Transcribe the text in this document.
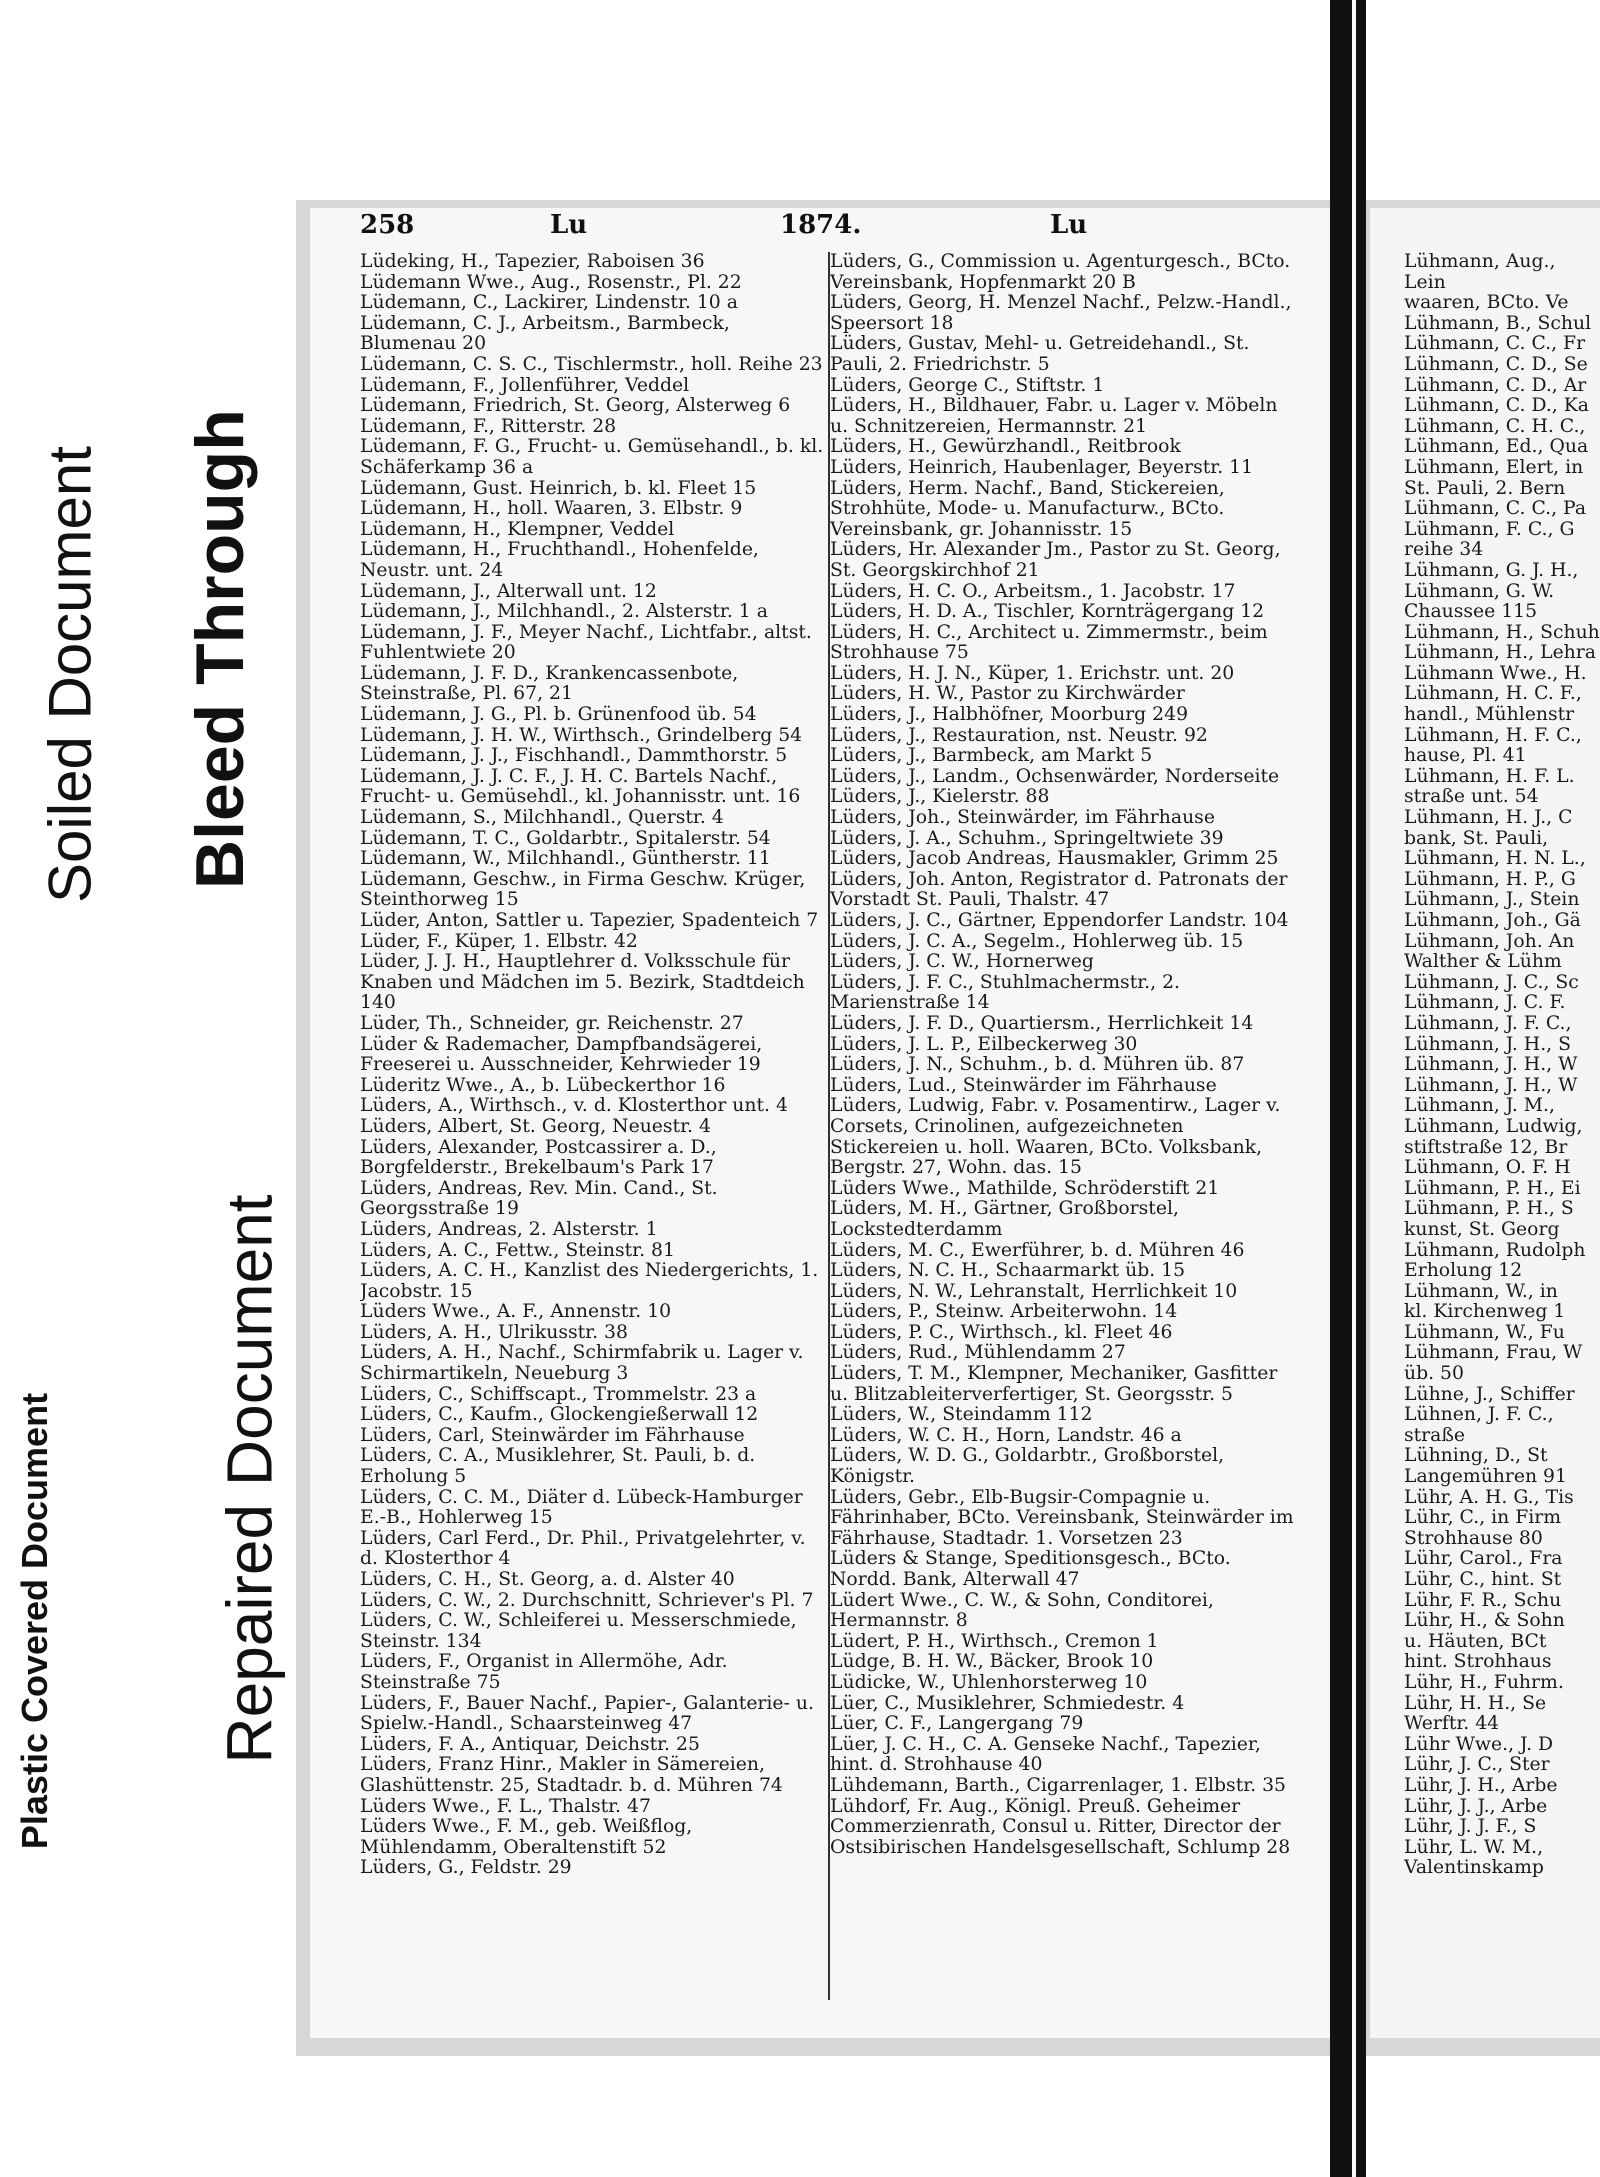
Soiled Document Bleed Through
Plastic Covered Document Repaired Document
258	Lu	1874.	Lu

Lüdeking, H., Tapezier, Raboisen 36

Lüdemann Wwe., Aug., Rosenstr., Pl. 22

Lüdemann, C., Lackirer, Lindenstr. 10 a

Lüdemann, C. J., Arbeitsm., Barmbeck, Blumenau 20

Lüdemann, C. S. C., Tischlermstr., holl. Reihe 23

Lüdemann, F., Jollenführer, Veddel

Lüdemann, Friedrich, St. Georg, Alsterweg 6

Lüdemann, F., Ritterstr. 28

Lüdemann, F. G., Frucht- u. Gemüsehandl., b. kl. Schäferkamp 36 a

Lüdemann, Gust. Heinrich, b. kl. Fleet 15

Lüdemann, H., holl. Waaren, 3. Elbstr. 9

Lüdemann, H., Klempner, Veddel

Lüdemann, H., Fruchthandl., Hohenfelde, Neustr. unt. 24

Lüdemann, J., Alterwall unt. 12

Lüdemann, J., Milchhandl., 2. Alsterstr. 1 a

Lüdemann, J. F., Meyer Nachf., Lichtfabr., altst. Fuhlentwiete 20

Lüdemann, J. F. D., Krankencassenbote, Steinstraße, Pl. 67, 21

Lüdemann, J. G., Pl. b. Grünenfood üb. 54

Lüdemann, J. H. W., Wirthsch., Grindelberg 54

Lüdemann, J. J., Fischhandl., Dammthorstr. 5

Lüdemann, J. J. C. F., J. H. C. Bartels Nachf., Frucht- u. Gemüsehdl., kl. Johannisstr. unt. 16

Lüdemann, S., Milchhandl., Querstr. 4

Lüdemann, T. C., Goldarbtr., Spitalerstr. 54

Lüdemann, W., Milchhandl., Güntherstr. 11

Lüdemann, Geschw., in Firma Geschw. Krüger, Steinthorweg 15

Lüder, Anton, Sattler u. Tapezier, Spadenteich 7

Lüder, F., Küper, 1. Elbstr. 42

Lüder, J. J. H., Hauptlehrer d. Volksschule für Knaben und Mädchen im 5. Bezirk, Stadtdeich 140

Lüder, Th., Schneider, gr. Reichenstr. 27

Lüder & Rademacher, Dampfbandsägerei, Freeserei u. Ausschneider, Kehrwieder 19

Lüderitz Wwe., A., b. Lübeckerthor 16

Lüders, A., Wirthsch., v. d. Klosterthor unt. 4

Lüders, Albert, St. Georg, Neuestr. 4

Lüders, Alexander, Postcassirer a. D., Borgfelderstr., Brekelbaum's Park 17

Lüders, Andreas, Rev. Min. Cand., St. Georgsstraße 19

Lüders, Andreas, 2. Alsterstr. 1

Lüders, A. C., Fettw., Steinstr. 81

Lüders, A. C. H., Kanzlist des Niedergerichts, 1. Jacobstr. 15

Lüders Wwe., A. F., Annenstr. 10

Lüders, A. H., Ulrikusstr. 38

Lüders, A. H., Nachf., Schirmfabrik u. Lager v. Schirmartikeln, Neueburg 3

Lüders, C., Schiffscapt., Trommelstr. 23 a

Lüders, C., Kaufm., Glockengießerwall 12

Lüders, Carl, Steinwärder im Fährhause

Lüders, C. A., Musiklehrer, St. Pauli, b. d. Erholung 5

Lüders, C. C. M., Diäter d. Lübeck-Hamburger E.-B., Hohlerweg 15

Lüders, Carl Ferd., Dr. Phil., Privatgelehrter, v. d. Klosterthor 4

Lüders, C. H., St. Georg, a. d. Alster 40

Lüders, C. W., 2. Durchschnitt, Schriever's Pl. 7

Lüders, C. W., Schleiferei u. Messerschmiede, Steinstr. 134

Lüders, F., Organist in Allermöhe, Adr. Steinstraße 75

Lüders, F., Bauer Nachf., Papier-, Galanterie- u. Spielw.-Handl., Schaarsteinweg 47

Lüders, F. A., Antiquar, Deichstr. 25

Lüders, Franz Hinr., Makler in Sämereien, Glashüttenstr. 25, Stadtadr. b. d. Mühren 74

Lüders Wwe., F. L., Thalstr. 47

Lüders Wwe., F. M., geb. Weißflog, Mühlendamm, Oberaltenstift 52

Lüders, G., Feldstr. 29

Lüders, G., Commission u. Agenturgesch., BCto. Vereinsbank, Hopfenmarkt 20 B

Lüders, Georg, H. Menzel Nachf., Pelzw.-Handl., Speersort 18

Lüders, Gustav, Mehl- u. Getreidehandl., St. Pauli, 2. Friedrichstr. 5

Lüders, George C., Stiftstr. 1

Lüders, H., Bildhauer, Fabr. u. Lager v. Möbeln u. Schnitzereien, Hermannstr. 21

Lüders, H., Gewürzhandl., Reitbrook

Lüders, Heinrich, Haubenlager, Beyerstr. 11

Lüders, Herm. Nachf., Band, Stickereien, Strohhüte, Mode- u. Manufacturw., BCto. Vereinsbank, gr. Johannisstr. 15

Lüders, Hr. Alexander Jm., Pastor zu St. Georg, St. Georgskirchhof 21

Lüders, H. C. O., Arbeitsm., 1. Jacobstr. 17

Lüders, H. D. A., Tischler, Kornträgergang 12

Lüders, H. C., Architect u. Zimmermstr., beim Strohhause 75

Lüders, H. J. N., Küper, 1. Erichstr. unt. 20

Lüders, H. W., Pastor zu Kirchwärder

Lüders, J., Halbhöfner, Moorburg 249

Lüders, J., Restauration, nst. Neustr. 92

Lüders, J., Barmbeck, am Markt 5

Lüders, J., Landm., Ochsenwärder, Norderseite

Lüders, J., Kielerstr. 88

Lüders, Joh., Steinwärder, im Fährhause

Lüders, J. A., Schuhm., Springeltwiete 39

Lüders, Jacob Andreas, Hausmakler, Grimm 25

Lüders, Joh. Anton, Registrator d. Patronats der Vorstadt St. Pauli, Thalstr. 47

Lüders, J. C., Gärtner, Eppendorfer Landstr. 104

Lüders, J. C. A., Segelm., Hohlerweg üb. 15

Lüders, J. C. W., Hornerweg

Lüders, J. F. C., Stuhlmachermstr., 2. Marienstraße 14

Lüders, J. F. D., Quartiersm., Herrlichkeit 14

Lüders, J. L. P., Eilbeckerweg 30

Lüders, J. N., Schuhm., b. d. Mühren üb. 87

Lüders, Lud., Steinwärder im Fährhause

Lüders, Ludwig, Fabr. v. Posamentirw., Lager v. Corsets, Crinolinen, aufgezeichneten Stickereien u. holl. Waaren, BCto. Volksbank, Bergstr. 27, Wohn. das. 15

Lüders Wwe., Mathilde, Schröderstift 21

Lüders, M. H., Gärtner, Großborstel, Lockstedterdamm

Lüders, M. C., Ewerführer, b. d. Mühren 46

Lüders, N. C. H., Schaarmarkt üb. 15

Lüders, N. W., Lehranstalt, Herrlichkeit 10

Lüders, P., Steinw. Arbeiterwohn. 14

Lüders, P. C., Wirthsch., kl. Fleet 46

Lüders, Rud., Mühlendamm 27

Lüders, T. M., Klempner, Mechaniker, Gasfitter u. Blitzableiterverfertiger, St. Georgsstr. 5

Lüders, W., Steindamm 112

Lüders, W. C. H., Horn, Landstr. 46 a

Lüders, W. D. G., Goldarbtr., Großborstel, Königstr.

Lüders, Gebr., Elb-Bugsir-Compagnie u. Fährinhaber, BCto. Vereinsbank, Steinwärder im Fährhause, Stadtadr. 1. Vorsetzen 23

Lüders & Stange, Speditionsgesch., BCto. Nordd. Bank, Alterwall 47

Lüdert Wwe., C. W., & Sohn, Conditorei, Hermannstr. 8

Lüdert, P. H., Wirthsch., Cremon 1

Lüdge, B. H. W., Bäcker, Brook 10

Lüdicke, W., Uhlenhorsterweg 10

Lüer, C., Musiklehrer, Schmiedestr. 4

Lüer, C. F., Langergang 79

Lüer, J. C. H., C. A. Genseke Nachf., Tapezier, hint. d. Strohhause 40

Lühdemann, Barth., Cigarrenlager, 1. Elbstr. 35

Lühdorf, Fr. Aug., Königl. Preuß. Geheimer Commerzienrath, Consul u. Ritter, Director der Ostsibirischen Handelsgesellschaft, Schlump 28

Lühmann, Aug., Lein

waaren, BCto. Ve

Lühmann, B., Schul

Lühmann, C. C., Fr

Lühmann, C. D., Se

Lühmann, C. D., Ar

Lühmann, C. D., Ka

Lühmann, C. H. C.,

Lühmann, Ed., Qua

Lühmann, Elert, in

St. Pauli, 2. Bern

Lühmann, C. C., Pa

Lühmann, F. C., G

reihe 34

Lühmann, G. J. H.,

Lühmann, G. W.

Chaussee 115

Lühmann, H., Schuh

Lühmann, H., Lehra

Lühmann Wwe., H.

Lühmann, H. C. F.,

handl., Mühlenstr

Lühmann, H. F. C.,

hause, Pl. 41

Lühmann, H. F. L.

straße unt. 54

Lühmann, H. J., C

bank, St. Pauli,

Lühmann, H. N. L.,

Lühmann, H. P., G

Lühmann, J., Stein

Lühmann, Joh., Gä

Lühmann, Joh. An

Walther & Lühm

Lühmann, J. C., Sc

Lühmann, J. C. F.

Lühmann, J. F. C.,

Lühmann, J. H., S

Lühmann, J. H., W

Lühmann, J. H., W

Lühmann, J. M.,

Lühmann, Ludwig,

stiftstraße 12, Br

Lühmann, O. F. H

Lühmann, P. H., Ei

Lühmann, P. H., S

kunst, St. Georg

Lühmann, Rudolph

Erholung 12

Lühmann, W., in

kl. Kirchenweg 1

Lühmann, W., Fu

Lühmann, Frau, W

üb. 50

Lühne, J., Schiffer

Lühnen, J. F. C.,

straße

Lühning, D., St

Langemühren 91

Lühr, A. H. G., Tis

Lühr, C., in Firm

Strohhause 80

Lühr, Carol., Fra

Lühr, C., hint. St

Lühr, F. R., Schu

Lühr, H., & Sohn

u. Häuten, BCt

hint. Strohhaus

Lühr, H., Fuhrm.

Lühr, H. H., Se

Werftr. 44

Lühr Wwe., J. D

Lühr, J. C., Ster

Lühr, J. H., Arbe

Lühr, J. J., Arbe

Lühr, J. J. F., S

Lühr, L. W. M.,

Valentinskamp
